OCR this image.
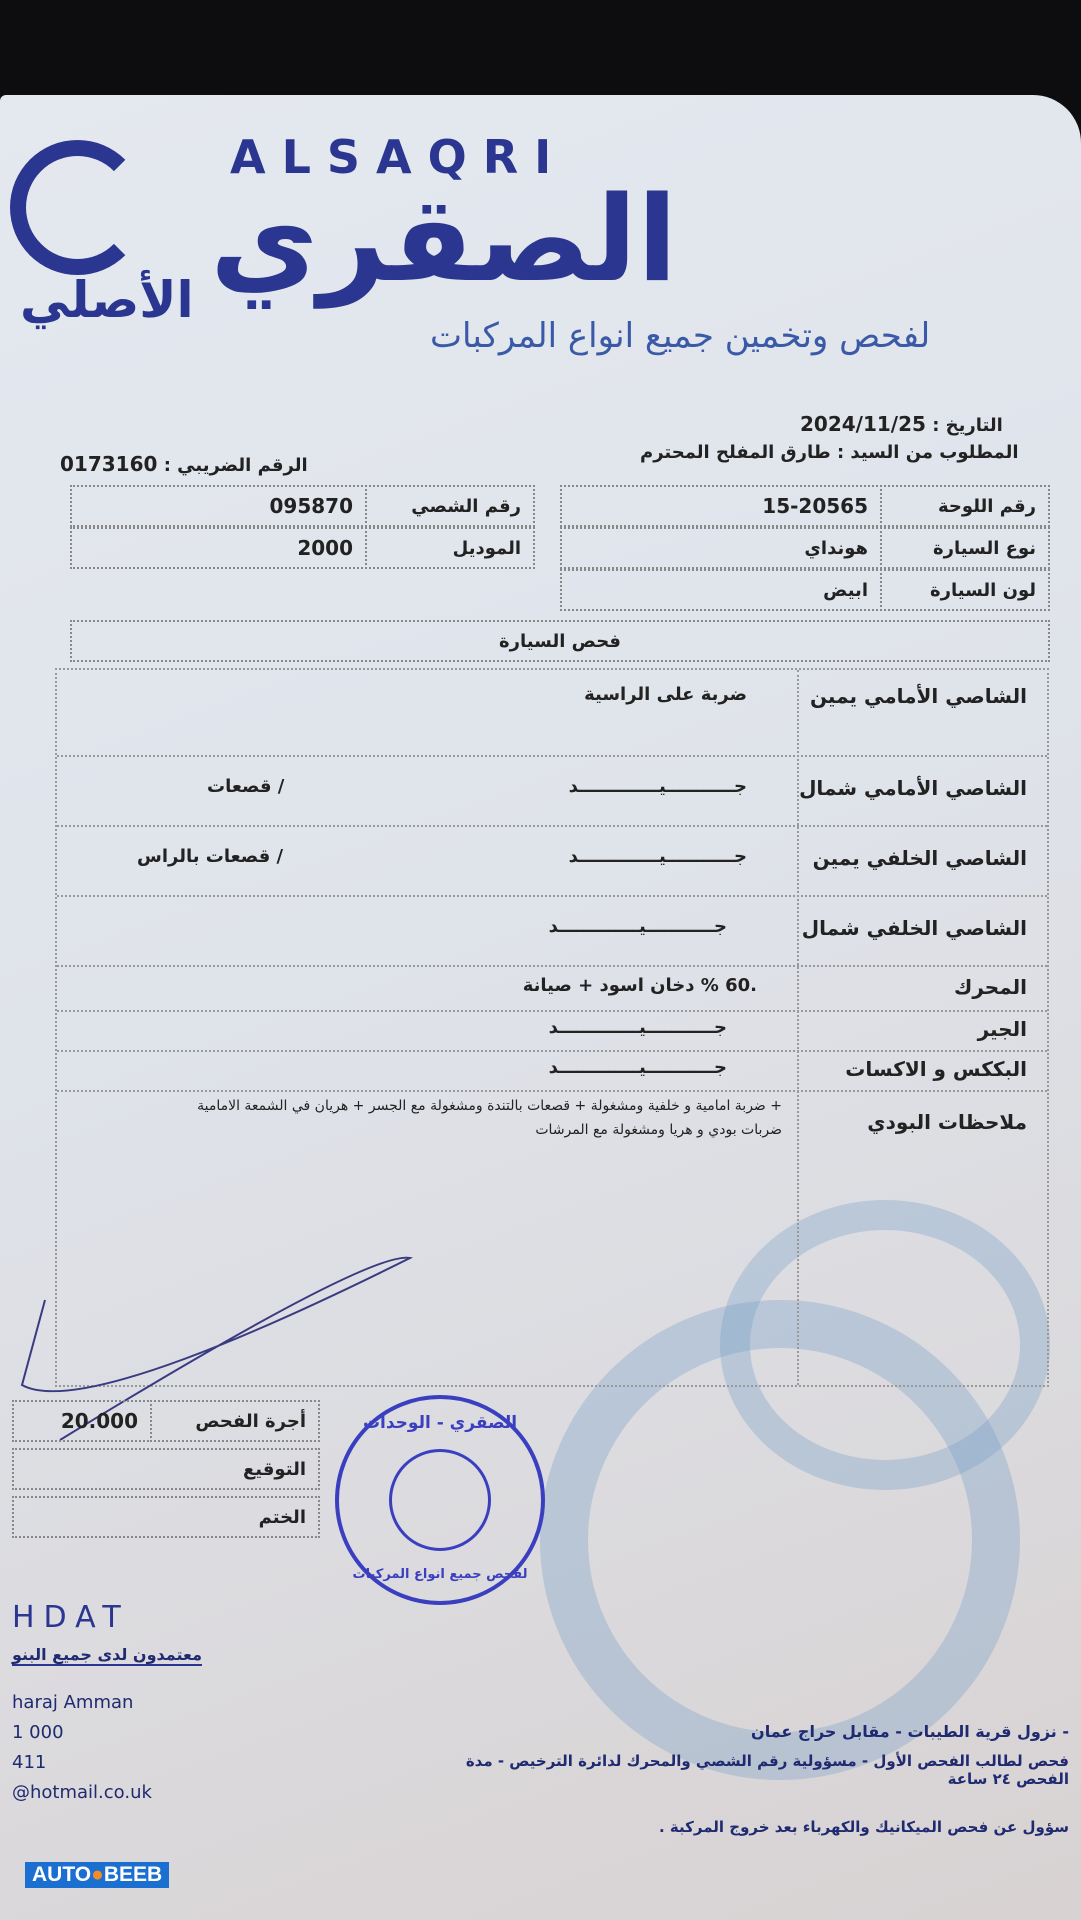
ALSAQRI
الصقري
الأصلي
لفحص وتخمين جميع انواع المركبات
التاريخ : 2024/11/25
المطلوب من السيد : طارق المفلح المحترم
الرقم الضريبي : 0173160
رقم اللوحة
15-20565
نوع السيارة
هونداي
لون السيارة
ابيض
رقم الشصي
095870
الموديل
2000
فحص السيارة
الشاصي الأمامي يمين
ضربة على الراسية
الشاصي الأمامي شمال
جـــــــــــيـــــــــــــد
/ قصعات
الشاصي الخلفي يمين
جـــــــــــيـــــــــــــد
/ قصعات بالراس
الشاصي الخلفي شمال
جـــــــــــيـــــــــــــد
المحرك
.60 % دخان اسود + صيانة
الجير
جـــــــــــيـــــــــــــد
البككس و الاكسات
جـــــــــــيـــــــــــــد
ملاحظات البودي
+ ضربة امامية و خلفية ومشغولة + قصعات بالتندة ومشغولة مع الجسر + هريان في الشمعة الامامية
ضربات بودي و هريا ومشغولة مع المرشات
20.000	أجرة الفحص
التوقيع
الختم
الصقري - الوحدات
لفحص جميع انواع المركبات
HDAT
معتمدون لدى جميع البنو
haraj Amman
1 000
411
@hotmail.co.uk
- نزول قرية الطيبات - مقابل حراج عمان
فحص لطالب الفحص الأول - مسؤولية رقم الشصي والمحرك لدائرة الترخيص - مدة الفحص ٢٤ ساعة
سؤول عن فحص الميكانيك والكهرباء بعد خروج المركبة .
AUTO●BEEB
